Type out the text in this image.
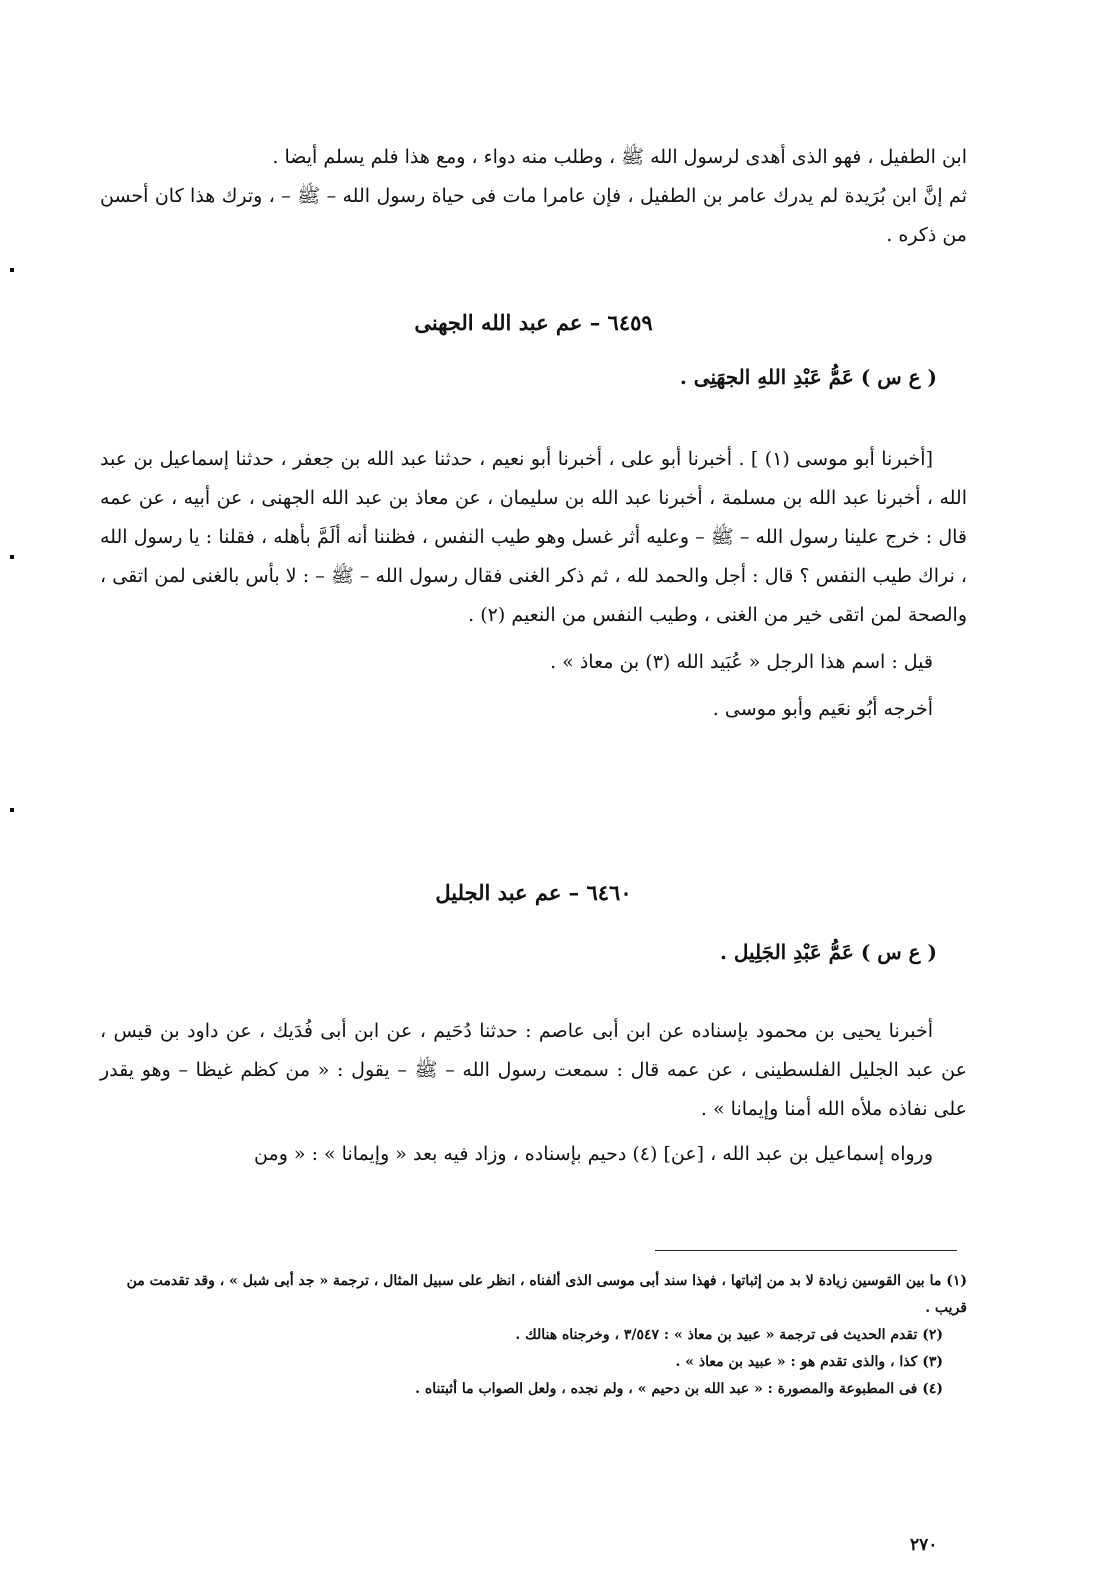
ابن الطفيل ، فهو الذى أهدى لرسول الله ﷺ ، وطلب منه دواء ، ومع هذا فلم يسلم أيضا .

ثم إنَّ ابن بُرَيدة لم يدرك عامر بن الطفيل ، فإن عامرا مات فى حياة رسول الله – ﷺ – ، وترك هذا كان أحسن من ذكره .

٦٤٥٩ – عم عبد الله الجهنى

( ع س ) عَمُّ عَبْدِ اللهِ الجهَنِى .

[أخبرنا أبو موسى (١) ] . أخبرنا أبو على ، أخبرنا أبو نعيم ، حدثنا عبد الله بن جعفر ، حدثنا إسماعيل بن عبد الله ، أخبرنا عبد الله بن مسلمة ، أخبرنا عبد الله بن سليمان ، عن معاذ بن عبد الله الجهنى ، عن أبيه ، عن عمه قال : خرج علينا رسول الله – ﷺ – وعليه أثر غسل وهو طيب النفس ، فظننا أنه ألَمَّ بأهله ، فقلنا : يا رسول الله ، نراك طيب النفس ؟ قال : أجل والحمد لله ، ثم ذكر الغنى فقال رسول الله – ﷺ – : لا بأس بالغنى لمن اتقى ، والصحة لمن اتقى خير من الغنى ، وطيب النفس من النعيم (٢) .

قيل : اسم هذا الرجل « عُبَيد الله (٣) بن معاذ » .

أخرجه أبُو نعَيم وأبو موسى .

٦٤٦٠ – عم عبد الجليل

( ع س ) عَمُّ عَبْدِ الجَلِيل .

أخبرنا يحيى بن محمود بإسناده عن ابن أبى عاصم : حدثنا دُحَيم ، عن ابن أبى فُدَيك ، عن داود بن قيس ، عن عبد الجليل الفلسطينى ، عن عمه قال : سمعت رسول الله – ﷺ – يقول : « من كظم غيظا – وهو يقدر على نفاذه ملأه الله أمنا وإيمانا » .

ورواه إسماعيل بن عبد الله ، [عن] (٤) دحيم بإسناده ، وزاد فيه بعد « وإيمانا » : « ومن

(١) ما بين القوسين زيادة لا بد من إثباتها ، فهذا سند أبى موسى الذى ألفناه ، انظر على سبيل المثال ، ترجمة « جد أبى شبل » ، وقد تقدمت من قريب .

(٢) تقدم الحديث فى ترجمة « عبيد بن معاذ » : ٣/٥٤٧ ، وخرجناه هنالك .

(٣) كذا ، والذى تقدم هو : « عبيد بن معاذ » .

(٤) فى المطبوعة والمصورة : « عبد الله بن دحيم » ، ولم نجده ، ولعل الصواب ما أثبتناه .

٢٧٠
